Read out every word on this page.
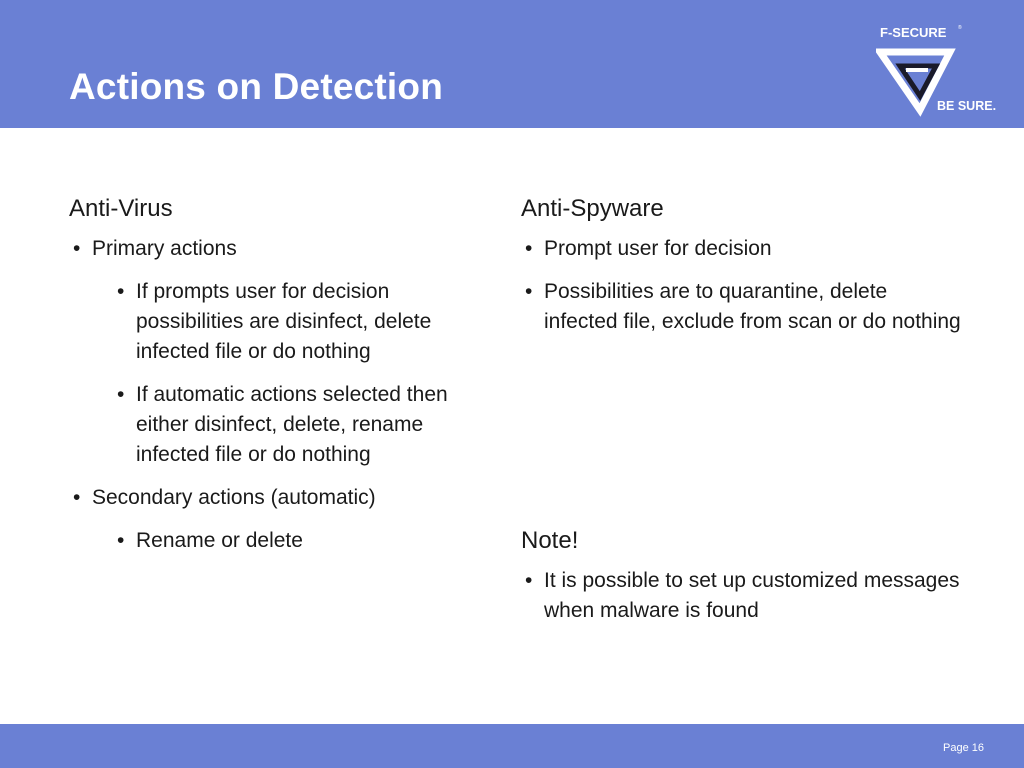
Actions on Detection
F-SECURE ®
BE SURE.
Anti-Virus
• Primary actions
• If prompts user for decision possibilities are disinfect, delete infected file or do nothing
• If automatic actions selected then either disinfect, delete, rename infected file or do nothing
• Secondary actions (automatic)
• Rename or delete
Anti-Spyware
• Prompt user for decision
• Possibilities are to quarantine, delete infected file, exclude from scan or do nothing
Note!
• It is possible to set up customized messages when malware is found
Page 16
